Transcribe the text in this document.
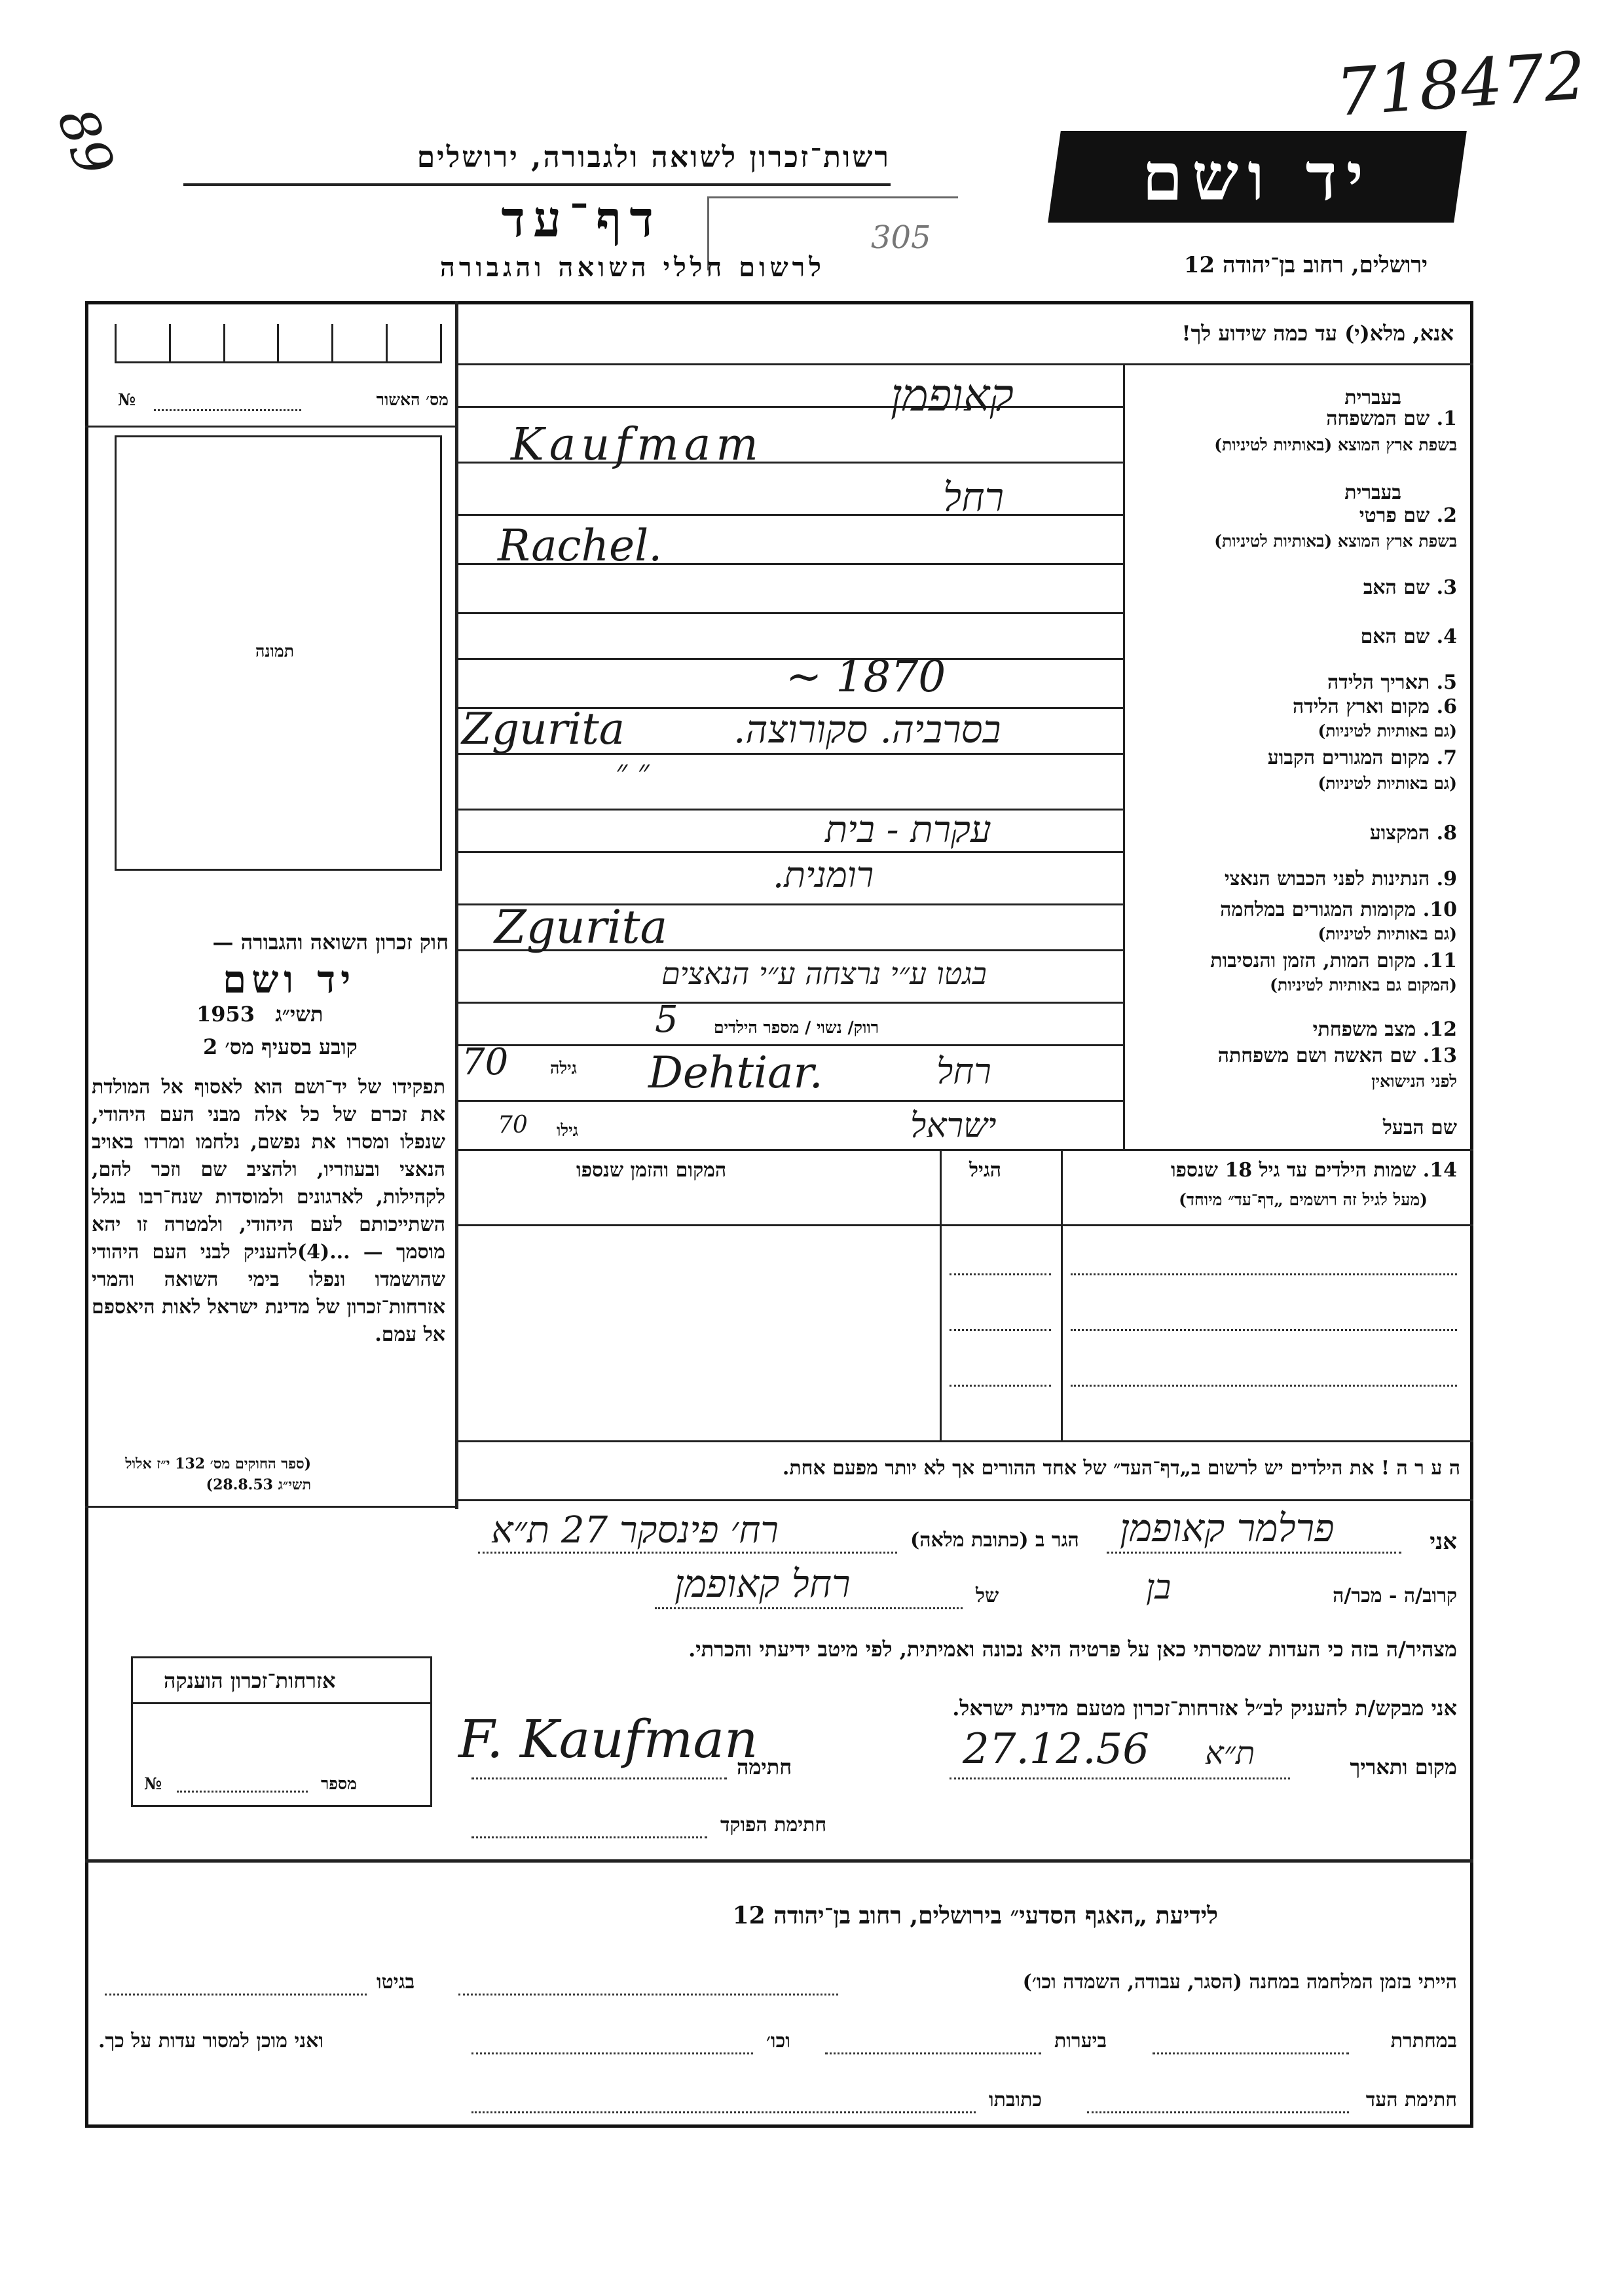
89
718472
רשות־זכרון לשואה ולגבורה, ירושלים
דף־עד	305
לרשום חללי השואה והגבורה
יד ושם
ירושלים, רחוב בן־יהודה 12
מס׳ האשור
№
תמונה
חוק זכרון השואה והגבורה —
יד ושם
1953 תשי״ג
קובע בסעיף מס׳ 2
תפקידו של יד־ושם הוא לאסוף אל המולדת את זכרם של כל אלה מבני העם היהודי, שנפלו ומסרו את נפשם, נלחמו ומרדו באויב הנאצי ובעוזריו, ולהציב שם וזכר להם, לקהילות, לארגונים ולמוסדות שנח־רבו בגלל השתייכותם לעם היהודי, ולמטרה זו יהא מוסמך — ...(4)להעניק לבני העם היהודי שהושמדו ונפלו בימי השואה והמרי אזרחות־זכרון של מדינת ישראל לאות היאספם אל עמם.
(ספר החוקים מס׳ 132 י״ז אלול תשי״ג 28.8.53)
אזרחות־זכרון הוענקה
מספר
№
אנא, מלא(י) עד כמה שידוע לך!
בעברית
1. שם המשפחה
בשפת ארץ המוצא (באותיות לטיניות)
קאופמן
Kaufmam
בעברית
2. שם פרטי
בשפת ארץ המוצא (באותיות לטיניות)
רחל
Rachel.
3. שם האב
4. שם האם
5. תאריך הלידה
~ 1870
6. מקום וארץ הלידה
(גם באותיות לטיניות)
Zgurita	בסרביה. סקורוצה.
7. מקום המגורים הקבוע
(גם באותיות לטיניות)
״ ״
8. המקצוע
עקרת - בית
9. הנתינות לפני הכבוש הנאצי
רומנית.
10. מקומות המגורים במלחמה
(גם באותיות לטיניות)
Zgurita
11. מקום המות, הזמן והנסיבות
(המקום גם באותיות לטיניות)
בגטו ע״י נרצחה ע״י הנאצים
12. מצב משפחתי
רווק/ נשוי / מספר הילדים
5
13. שם האשה ושם משפחתה
לפני הנישואין
70	גילה Dehtiar.	רחל
שם הבעל
70 גילו	ישראל
14. שמות הילדים עד גיל 18 שנספו
(מעל לגיל זה רושמים „דף־עד״ מיוחד)
הגיל
המקום והזמן שנספו
ה ע ר ה ! את הילדים יש לרשום ב„דף־העד״ של אחד ההורים אך לא יותר מפעם אחת.
אני
פרלמר קאופמן
הגר ב (כתובת מלאה)
רח׳ פינסקר 27 ת״א
קרוב/ה - מכר/ה
בן
של
רחל קאופמן
מצהיר/ה בזה כי העדות שמסרתי כאן על פרטיה היא נכונה ואמיתית, לפי מיטב ידיעתי והכרתי.
אני מבקש/ת להעניק לב״ל אזרחות־זכרון מטעם מדינת ישראל.
מקום ותאריך
27.12.56 ת״א
חתימה
F. Kaufman
חתימת הפוקד
לידיעת „האגף הסדעי״ בירושלים, רחוב בן־יהודה 12
הייתי בזמן המלחמה במחנה (הסגר, עבודה, השמדה וכו׳)
בגיטו
במחתרת
ביערות
וכו׳
ואני מוכן למסור עדות על כך.
חתימת העד
כתובתו
